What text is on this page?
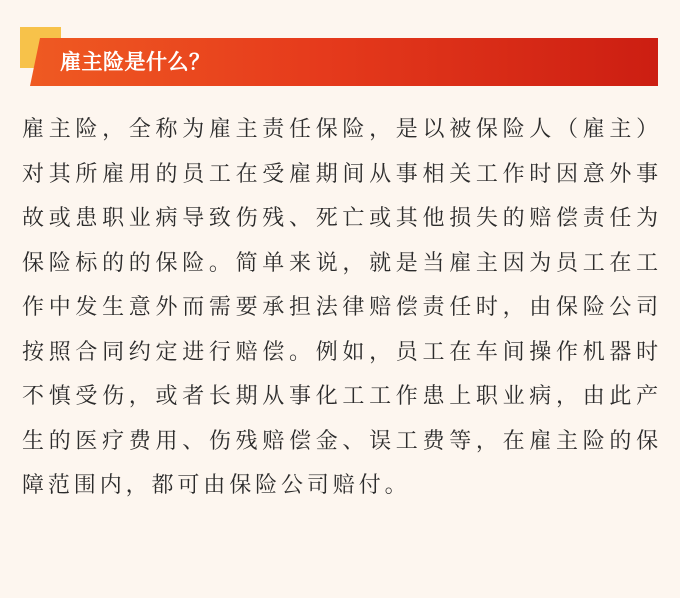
雇主险是什么？

雇主险，全称为雇主责任保险，是以被保险人（雇主）对其所雇用的员工在受雇期间从事相关工作时因意外事故或患职业病导致伤残、死亡或其他损失的赔偿责任为保险标的的保险。简单来说，就是当雇主因为员工在工作中发生意外而需要承担法律赔偿责任时，由保险公司按照合同约定进行赔偿。例如，员工在车间操作机器时不慎受伤，或者长期从事化工工作患上职业病，由此产生的医疗费用、伤残赔偿金、误工费等，在雇主险的保障范围内，都可由保险公司赔付。
